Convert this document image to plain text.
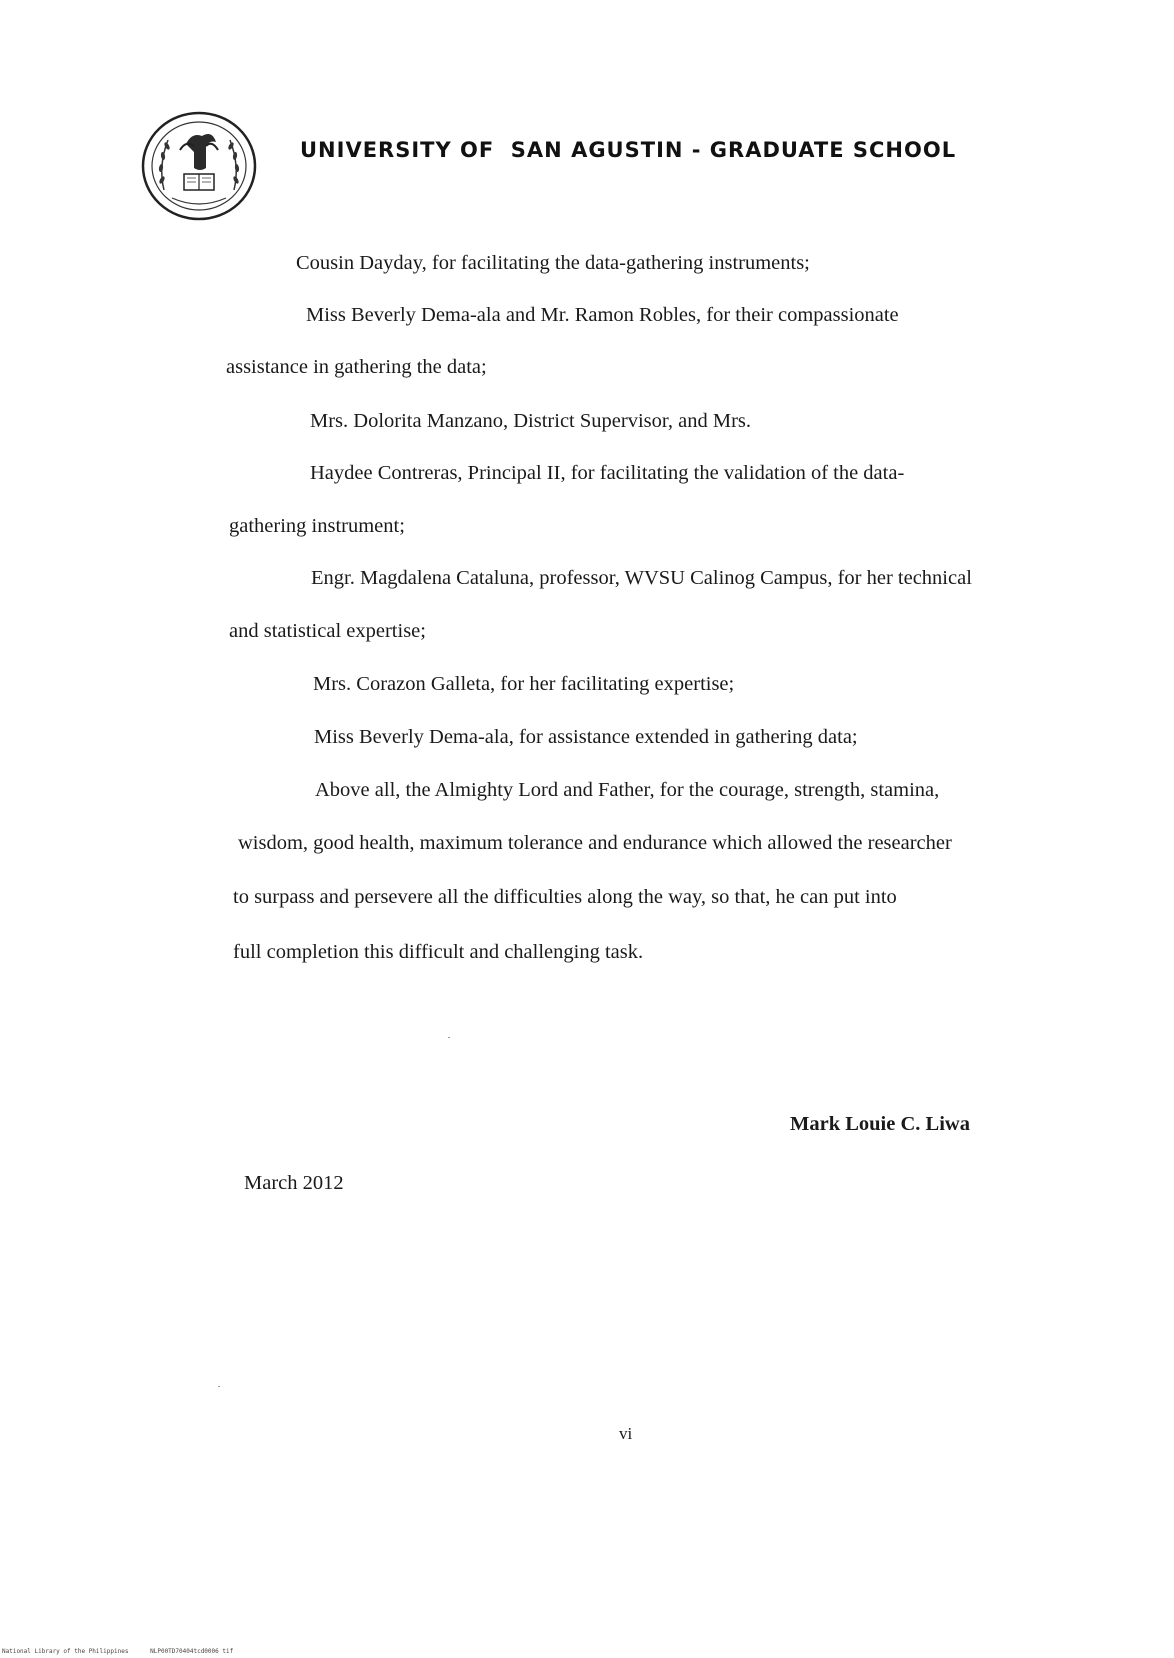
UNIVERSITY OF  SAN AGUSTIN - GRADUATE SCHOOL
Cousin Dayday, for facilitating the data-gathering instruments;
Miss Beverly Dema-ala and Mr. Ramon Robles, for their compassionate
assistance in gathering the data;
Mrs. Dolorita Manzano, District Supervisor, and Mrs.
Haydee Contreras, Principal II, for facilitating the validation of the data-
gathering instrument;
Engr. Magdalena Cataluna, professor, WVSU Calinog Campus, for her technical
and statistical expertise;
Mrs. Corazon Galleta, for her facilitating expertise;
Miss Beverly Dema-ala, for assistance extended in gathering data;
Above all, the Almighty Lord and Father, for the courage, strength, stamina,
wisdom, good health, maximum tolerance and endurance which allowed the researcher
to surpass and persevere all the difficulties along the way, so that, he can put into
full completion this difficult and challenging task.
Mark Louie C. Liwa
March 2012
vi
National Library of the Philippines	NLP00TD70404tcd0006 tif
